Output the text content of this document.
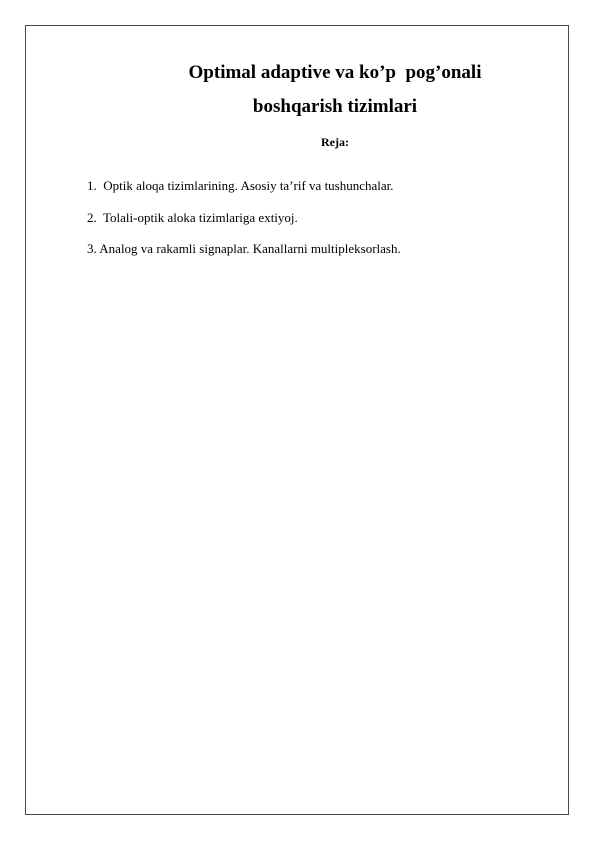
Optimal adaptive va ko’p  pog’onali
boshqarish tizimlari
Reja:
1.  Optik aloqa tizimlarining. Asosiy ta’rif va tushunchalar.
2.  Tolali-optik aloka tizimlariga extiyoj.
3. Analog va rakamli signaplar. Kanallarni multipleksorlash.
